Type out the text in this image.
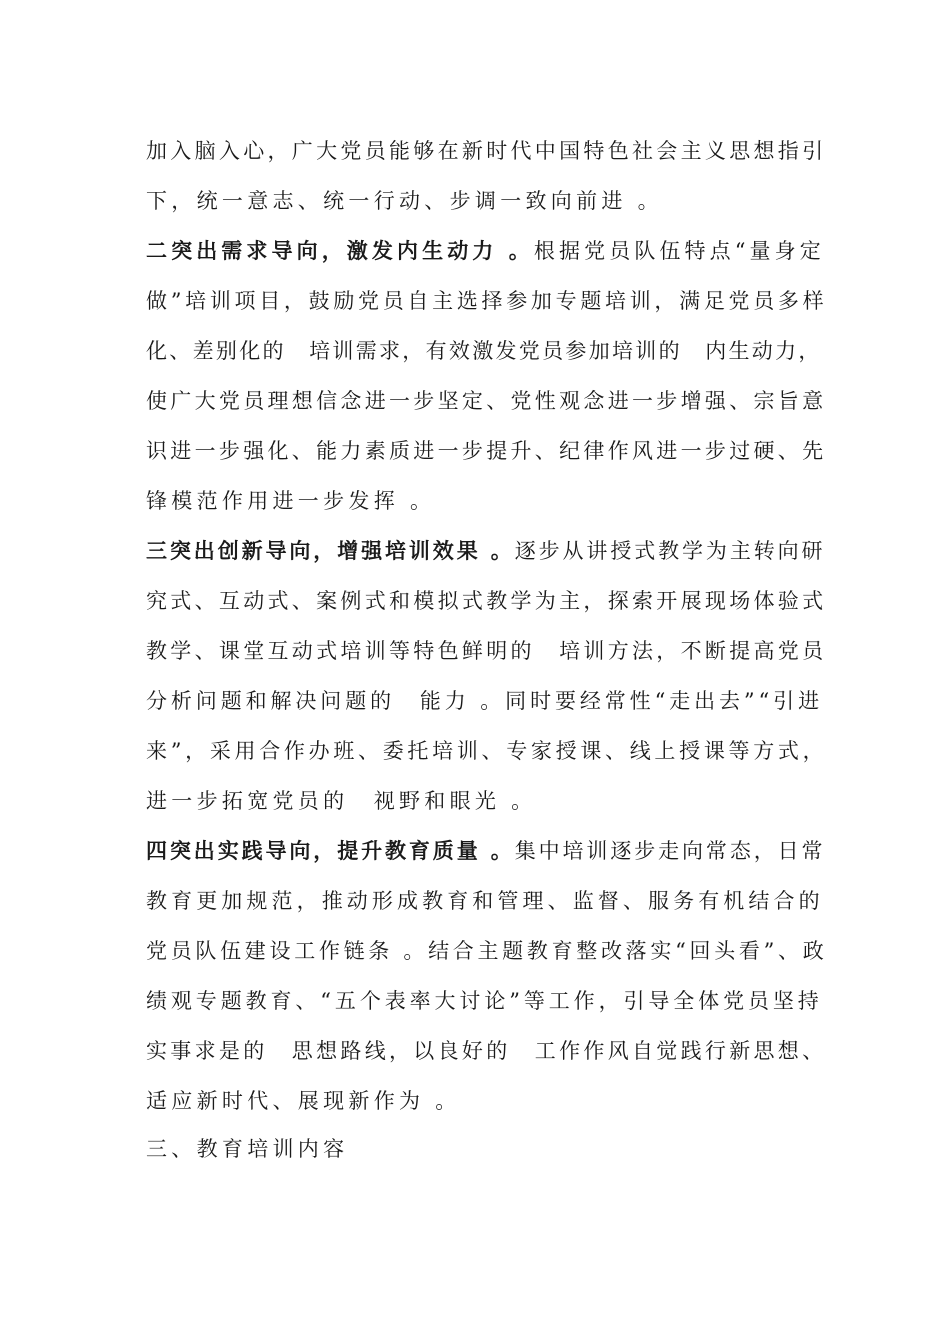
加入脑入心，广大党员能够在新时代中国特色社会主义思想指引
下，统一意志、统一行动、步调一致向前进 。
二突出需求导向，激发内生动力 。根据党员队伍特点“量身定
做”培训项目，鼓励党员自主选择参加专题培训，满足党员多样
化、差别化的　培训需求，有效激发党员参加培训的　内生动力，
使广大党员理想信念进一步坚定、党性观念进一步增强、宗旨意
识进一步强化、能力素质进一步提升、纪律作风进一步过硬、先
锋模范作用进一步发挥 。
三突出创新导向，增强培训效果 。逐步从讲授式教学为主转向研
究式、互动式、案例式和模拟式教学为主，探索开展现场体验式
教学、课堂互动式培训等特色鲜明的　培训方法，不断提高党员
分析问题和解决问题的　能力 。同时要经常性“走出去”“引进
来”，采用合作办班、委托培训、专家授课、线上授课等方式，
进一步拓宽党员的　视野和眼光 。
四突出实践导向，提升教育质量 。集中培训逐步走向常态，日常
教育更加规范，推动形成教育和管理、监督、服务有机结合的
党员队伍建设工作链条 。结合主题教育整改落实“回头看”、政
绩观专题教育、“五个表率大讨论”等工作，引导全体党员坚持
实事求是的　思想路线，以良好的　工作作风自觉践行新思想、
适应新时代、展现新作为 。
三、教育培训内容
